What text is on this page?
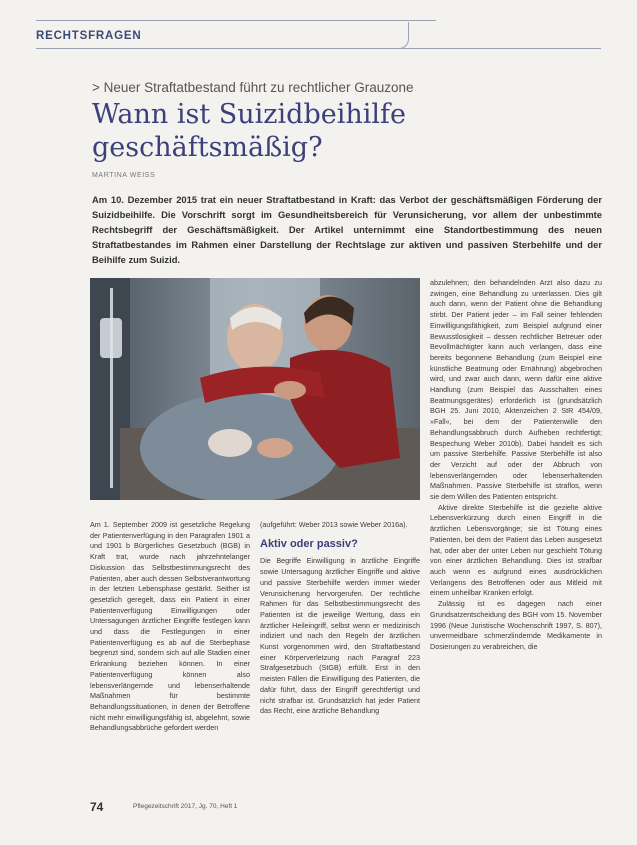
RECHTSFRAGEN
> Neuer Straftatbestand führt zu rechtlicher Grauzone
Wann ist Suizidbeihilfe
geschäftsmäßig?
MARTINA WEISS
Am 10. Dezember 2015 trat ein neuer Straftatbestand in Kraft: das Verbot der geschäftsmäßigen Förderung der Suizidbeihilfe. Die Vorschrift sorgt im Gesundheitsbereich für Verunsicherung, vor allem der unbestimmte Rechtsbegriff der Geschäftsmäßigkeit. Der Artikel unternimmt eine Standortbestimmung des neuen Straftatbestandes im Rahmen einer Darstellung der Rechtslage zur aktiven und passiven Sterbehilfe und der Beihilfe zum Suizid.

Am 1. September 2009 ist gesetzliche Regelung der Patientenverfügung in den Paragrafen 1901 a und 1901 b Bürgerliches Gesetzbuch (BGB) in Kraft trat, wurde nach jahrzehntelanger Diskussion das Selbstbestimmungsrecht des Patienten, aber auch dessen Selbstverantwortung in der letzten Lebensphase gestärkt. Seither ist gesetzlich geregelt, dass ein Patient in einer Patientenverfügung Einwilligungen oder Untersagungen ärztlicher Eingriffe festlegen kann und dass die Festlegungen in einer Patientenverfügung es ab auf die Sterbephase begrenzt sind, sondern sich auf alle Stadien einer Erkrankung beziehen können. In einer Patientenverfügung können also lebensverlängernde und lebenserhaltende Maßnahmen für bestimmte Behandlungssituationen, in denen der Betroffene nicht mehr einwilligungsfähig ist, abgelehnt, sowie Behandlungsabbrüche gefordert werden

(aufgeführt: Weber 2013 sowie Weber 2016a).

Aktiv oder passiv?

Die Begriffe Einwilligung in ärztliche Eingriffe sowie Untersagung ärztlicher Eingriffe und aktive und passive Sterbehilfe werden immer wieder Verunsicherung hervorgerufen. Der rechtliche Rahmen für das Selbstbestimmungsrecht des Patienten ist die jeweilige Wertung, dass ein ärztlicher Heileingriff, selbst wenn er medizinisch indiziert und nach den Regeln der ärztlichen Kunst vorgenommen wird, den Straftatbestand einer Körperverletzung nach Paragraf 223 Strafgesetzbuch (StGB) erfüllt. Erst in den meisten Fällen die Einwilligung des Patienten, die dafür führt, dass der Eingriff gerechtfertigt und nicht strafbar ist. Grundsätzlich hat jeder Patient das Recht, eine ärztliche Behandlung

abzulehnen; den behandelnden Arzt also dazu zu zwingen, eine Behandlung zu unterlassen. Dies gilt auch dann, wenn der Patient ohne die Behandlung stirbt. Der Patient jeder – im Fall seiner fehlenden Einwilligungsfähigkeit, zum Beispiel aufgrund einer Bewusstlosigkeit – dessen rechtlicher Betreuer oder Bevollmächtigter kann auch verlangen, dass eine bereits begonnene Behandlung (zum Beispiel eine künstliche Beatmung oder Ernährung) abgebrochen wird, und zwar auch dann, wenn dafür eine aktive Handlung (zum Beispiel das Ausschalten eines Beatmungsgerätes) erforderlich ist (grundsätzlich BGH 25. Juni 2010, Aktenzeichen 2 StR 454/09, »Fall«, bei dem der Patientenwille den Behandlungsabbruch durch Aufheben rechtfertigt; Bespechung Weber 2010b). Dabei handelt es sich um passive Sterbehilfe. Passive Sterbehilfe ist also der Verzicht auf oder der Abbruch von lebensverlängernden oder lebenserhaltenden Maßnahmen. Passive Sterbehilfe ist straflos, wenn sie dem Willen des Patienten entspricht.

Aktive direkte Sterbehilfe ist die gezielte aktive Lebensverkürzung durch einen Eingriff in die ärztlichen Lebensvorgänge; sie ist Tötung eines Patienten, bei dem der Patient das Leben ausgesetzt hat, oder aber der unter Leben nur geschieht Tötung von einer ärztlichen Behandlung. Dies ist strafbar auch wenn es aufgrund eines ausdrücklichen Verlangens des Betroffenen oder aus Mitleid mit einem unheilbar Kranken erfolgt.

Zulässig ist es dagegen nach einer Grundsatzentscheidung des BGH vom 15. November 1996 (Neue Juristische Wochenschrift 1997, S. 807), unvermeidbare schmerzlindernde Medikamente in Dosierungen zu verabreichen, die

74	Pflegezeitschrift 2017, Jg. 70, Heft 1
